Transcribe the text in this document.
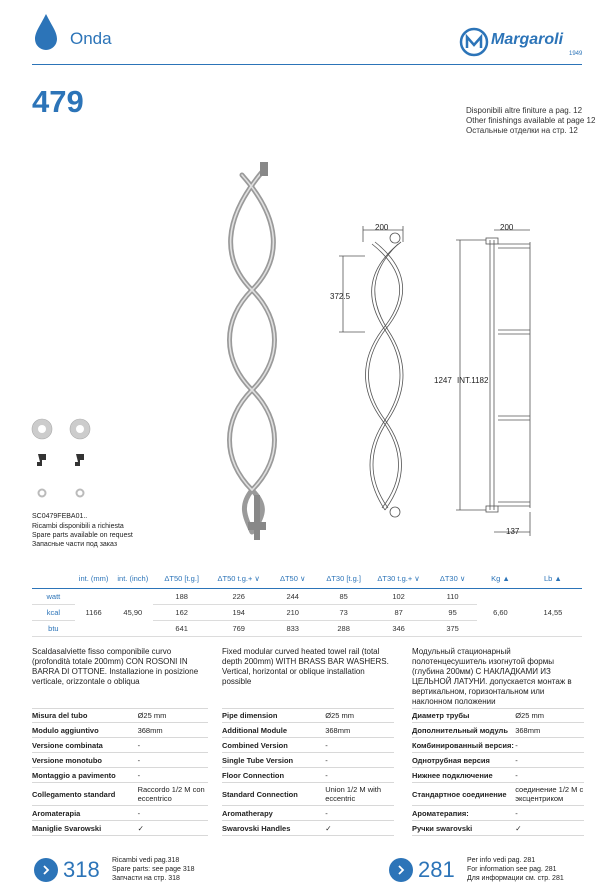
Onda	Margaroli
1949
479	Disponibili altre finiture a pag. 12
Other finishings available at page 12
Остальные отделки на стр. 12
200
372.5
200
1247 INT.1182
137
SC0479FEBA01..
Ricambi disponibili a richiesta
Spare parts available on request
Запасные части под заказ
	int. (mm)	int. (inch)	ΔT50 [t.g.]	ΔT50 t.g.+ ∨	ΔT50 ∨	ΔT30 [t.g.]	ΔT30 t.g.+ ∨	ΔT30 ∨	Kg ▲	Lb ▲
watt	1166	45,90	188	226	244	85	102	110	6,60	14,55
kcal			162	194	210	73	87	95		
btu			641	769	833	288	346	375		
Scaldasalviette fisso componibile curvo (profondità totale 200mm) CON ROSONI IN BARRA DI OTTONE. Installazione in posizione verticale, orizzontale o obliqua
Fixed modular curved heated towel rail (total depth 200mm) WITH BRASS BAR WASHERS. Vertical, horizontal or oblique installation possible
Модульный стационарный полотенцесушитель изогнутой формы (глубина 200мм) С НАКЛАДКАМИ ИЗ ЦЕЛЬНОЙ ЛАТУНИ. допускается монтаж в вертикальном, горизонтальном или наклонном положении
Misura del tubo	Ø25 mm
Modulo aggiuntivo	368mm
Versione combinata	-
Versione monotubo	-
Montaggio a pavimento	-
Collegamento standard	Raccordo 1/2 M con eccentrico
Aromaterapia	-
Maniglie Svarowski	✓
Pipe dimension	Ø25 mm
Additional Module	368mm
Combined Version	-
Single Tube Version	-
Floor Connection	-
Standard Connection	Union 1/2 M with eccentric
Aromatherapy	-
Swarovski Handles	✓
Диаметр трубы	Ø25 mm
Дополнительный модуль 368mm
Комбинированный версия: -
Однотрубная версия	-
Нижнее подключение	-
Стандартное соединение	соединение 1/2 M с эксцентриком
Ароматерапия:	-
Ручки swarovski	✓
318 Ricambi vedi pag.318
Spare parts: see page 318
Запчасти на стр. 318	281 Per info vedi pag. 281
For information see pag. 281
Для информации см. стр. 281
